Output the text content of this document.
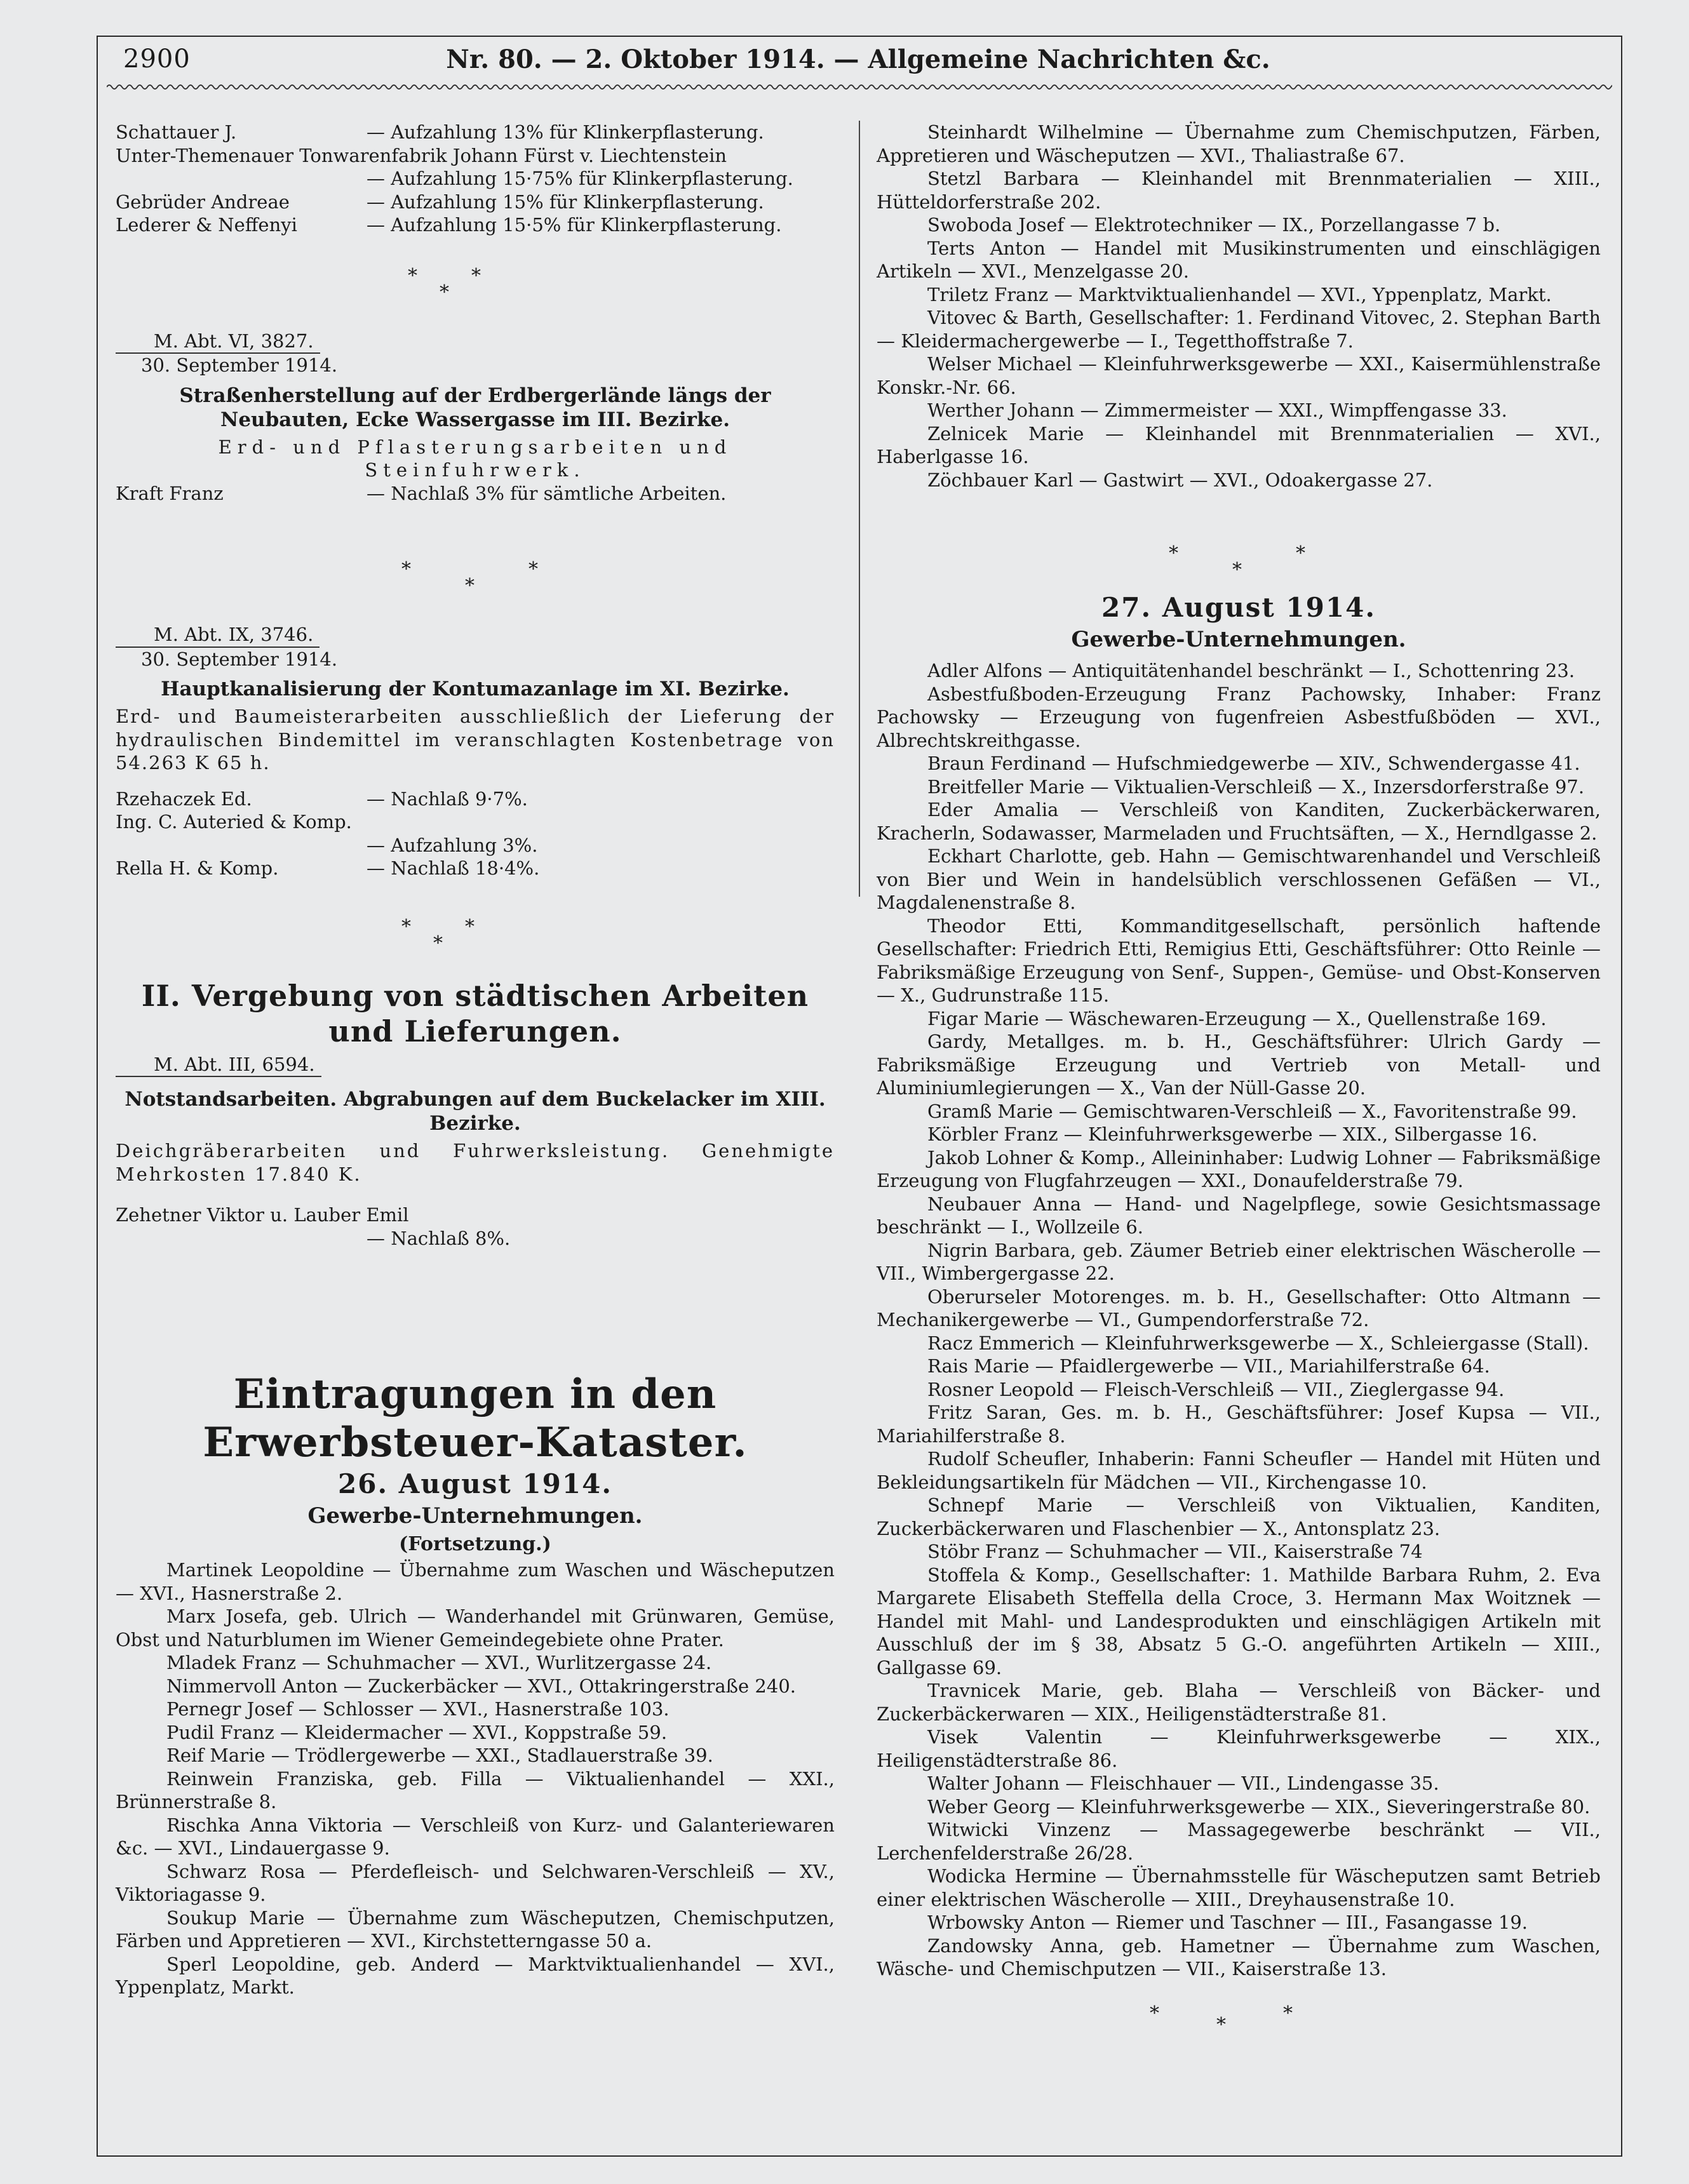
2900	Nr. 80. — 2. Oktober 1914. — Allgemeine Nachrichten &c.
Schattauer J.	— Aufzahlung 13% für Klinkerpflasterung.
Unter-Themenauer Tonwarenfabrik Johann Fürst v. Liechtenstein
— Aufzahlung 15·75% für Klinkerpflasterung.
Gebrüder Andreae	— Aufzahlung 15% für Klinkerpflasterung.
Lederer & Neffenyi	— Aufzahlung 15·5% für Klinkerpflasterung.
*	*
*
M. Abt. VI, 3827.
30. September 1914.
Straßenherstellung auf der Erdbergerlände längs der Neubauten, Ecke Wassergasse im III. Bezirke.
Erd- und Pflasterungsarbeiten und Steinfuhrwerk.
Kraft Franz	— Nachlaß 3% für sämtliche Arbeiten.
*	*
*
M. Abt. IX, 3746.
30. September 1914.
Hauptkanalisierung der Kontumazanlage im XI. Bezirke.
Erd- und Baumeisterarbeiten ausschließlich der Lieferung der hydraulischen Bindemittel im veranschlagten Kostenbetrage von 54.263 K 65 h.
Rzehaczek Ed.	— Nachlaß 9·7%.
Ing. C. Auteried & Komp.
— Aufzahlung 3%.
Rella H. & Komp.	— Nachlaß 18·4%.
*	*
*
II. Vergebung von städtischen Arbeiten und Lieferungen.
M. Abt. III, 6594.
Notstandsarbeiten. Abgrabungen auf dem Buckelacker im XIII. Bezirke.
Deichgräberarbeiten und Fuhrwerksleistung. Genehmigte Mehrkosten 17.840 K.
Zehetner Viktor u. Lauber Emil
— Nachlaß 8%.
Eintragungen in den Erwerbsteuer-Kataster.
26. August 1914.
Gewerbe-Unternehmungen.
(Fortsetzung.)

Martinek Leopoldine — Übernahme zum Waschen und Wäscheputzen — XVI., Hasnerstraße 2.

Marx Josefa, geb. Ulrich — Wanderhandel mit Grünwaren, Gemüse, Obst und Naturblumen im Wiener Gemeindegebiete ohne Prater.

Mladek Franz — Schuhmacher — XVI., Wurlitzergasse 24.

Nimmervoll Anton — Zuckerbäcker — XVI., Ottakringerstraße 240.

Pernegr Josef — Schlosser — XVI., Hasnerstraße 103.

Pudil Franz — Kleidermacher — XVI., Koppstraße 59.

Reif Marie — Trödlergewerbe — XXI., Stadlauerstraße 39.

Reinwein Franziska, geb. Filla — Viktualienhandel — XXI., Brünnerstraße 8.

Rischka Anna Viktoria — Verschleiß von Kurz- und Galanteriewaren &c. — XVI., Lindauergasse 9.

Schwarz Rosa — Pferdefleisch- und Selchwaren-Verschleiß — XV., Viktoriagasse 9.

Soukup Marie — Übernahme zum Wäscheputzen, Chemischputzen, Färben und Appretieren — XVI., Kirchstetterngasse 50 a.

Sperl Leopoldine, geb. Anderd — Marktviktualienhandel — XVI., Yppenplatz, Markt.

Steinhardt Wilhelmine — Übernahme zum Chemischputzen, Färben, Appretieren und Wäscheputzen — XVI., Thaliastraße 67.

Stetzl Barbara — Kleinhandel mit Brennmaterialien — XIII., Hütteldorferstraße 202.

Swoboda Josef — Elektrotechniker — IX., Porzellangasse 7 b.

Terts Anton — Handel mit Musikinstrumenten und einschlägigen Artikeln — XVI., Menzelgasse 20.

Triletz Franz — Marktviktualienhandel — XVI., Yppenplatz, Markt.

Vitovec & Barth, Gesellschafter: 1. Ferdinand Vitovec, 2. Stephan Barth — Kleidermachergewerbe — I., Tegetthoffstraße 7.

Welser Michael — Kleinfuhrwerksgewerbe — XXI., Kaisermühlenstraße Konskr.-Nr. 66.

Werther Johann — Zimmermeister — XXI., Wimpffengasse 33.

Zelnicek Marie — Kleinhandel mit Brennmaterialien — XVI., Haberlgasse 16.

Zöchbauer Karl — Gastwirt — XVI., Odoakergasse 27.

*	*
*
27. August 1914.
Gewerbe-Unternehmungen.

Adler Alfons — Antiquitätenhandel beschränkt — I., Schottenring 23.

Asbestfußboden-Erzeugung Franz Pachowsky, Inhaber: Franz Pachowsky — Erzeugung von fugenfreien Asbestfußböden — XVI., Albrechtskreithgasse.

Braun Ferdinand — Hufschmiedgewerbe — XIV., Schwendergasse 41.

Breitfeller Marie — Viktualien-Verschleiß — X., Inzersdorferstraße 97.

Eder Amalia — Verschleiß von Kanditen, Zuckerbäckerwaren, Kracherln, Sodawasser, Marmeladen und Fruchtsäften, — X., Herndlgasse 2.

Eckhart Charlotte, geb. Hahn — Gemischtwarenhandel und Verschleiß von Bier und Wein in handelsüblich verschlossenen Gefäßen — VI., Magdalenenstraße 8.

Theodor Etti, Kommanditgesellschaft, persönlich haftende Gesellschafter: Friedrich Etti, Remigius Etti, Geschäftsführer: Otto Reinle — Fabriksmäßige Erzeugung von Senf-, Suppen-, Gemüse- und Obst-Konserven — X., Gudrunstraße 115.

Figar Marie — Wäschewaren-Erzeugung — X., Quellenstraße 169.

Gardy, Metallges. m. b. H., Geschäftsführer: Ulrich Gardy — Fabriksmäßige Erzeugung und Vertrieb von Metall- und Aluminiumlegierungen — X., Van der Nüll-Gasse 20.

Gramß Marie — Gemischtwaren-Verschleiß — X., Favoritenstraße 99.

Körbler Franz — Kleinfuhrwerksgewerbe — XIX., Silbergasse 16.

Jakob Lohner & Komp., Alleininhaber: Ludwig Lohner — Fabriksmäßige Erzeugung von Flugfahrzeugen — XXI., Donaufelderstraße 79.

Neubauer Anna — Hand- und Nagelpflege, sowie Gesichtsmassage beschränkt — I., Wollzeile 6.

Nigrin Barbara, geb. Zäumer Betrieb einer elektrischen Wäscherolle — VII., Wimbergergasse 22.

Oberurseler Motorenges. m. b. H., Gesellschafter: Otto Altmann — Mechanikergewerbe — VI., Gumpendorferstraße 72.

Racz Emmerich — Kleinfuhrwerksgewerbe — X., Schleiergasse (Stall).

Rais Marie — Pfaidlergewerbe — VII., Mariahilferstraße 64.

Rosner Leopold — Fleisch-Verschleiß — VII., Zieglergasse 94.

Fritz Saran, Ges. m. b. H., Geschäftsführer: Josef Kupsa — VII., Mariahilferstraße 8.

Rudolf Scheufler, Inhaberin: Fanni Scheufler — Handel mit Hüten und Bekleidungsartikeln für Mädchen — VII., Kirchengasse 10.

Schnepf Marie — Verschleiß von Viktualien, Kanditen, Zuckerbäckerwaren und Flaschenbier — X., Antonsplatz 23.

Stöbr Franz — Schuhmacher — VII., Kaiserstraße 74

Stoffela & Komp., Gesellschafter: 1. Mathilde Barbara Ruhm, 2. Eva Margarete Elisabeth Steffella della Croce, 3. Hermann Max Woitznek — Handel mit Mahl- und Landesprodukten und einschlägigen Artikeln mit Ausschluß der im § 38, Absatz 5 G.-O. angeführten Artikeln — XIII., Gallgasse 69.

Travnicek Marie, geb. Blaha — Verschleiß von Bäcker- und Zuckerbäckerwaren — XIX., Heiligenstädterstraße 81.

Visek Valentin — Kleinfuhrwerksgewerbe — XIX., Heiligenstädterstraße 86.

Walter Johann — Fleischhauer — VII., Lindengasse 35.

Weber Georg — Kleinfuhrwerksgewerbe — XIX., Sieveringerstraße 80.

Witwicki Vinzenz — Massagegewerbe beschränkt — VII., Lerchenfelderstraße 26/28.

Wodicka Hermine — Übernahmsstelle für Wäscheputzen samt Betrieb einer elektrischen Wäscherolle — XIII., Dreyhausenstraße 10.

Wrbowsky Anton — Riemer und Taschner — III., Fasangasse 19.

Zandowsky Anna, geb. Hametner — Übernahme zum Waschen, Wäsche- und Chemischputzen — VII., Kaiserstraße 13.

*	*
*
